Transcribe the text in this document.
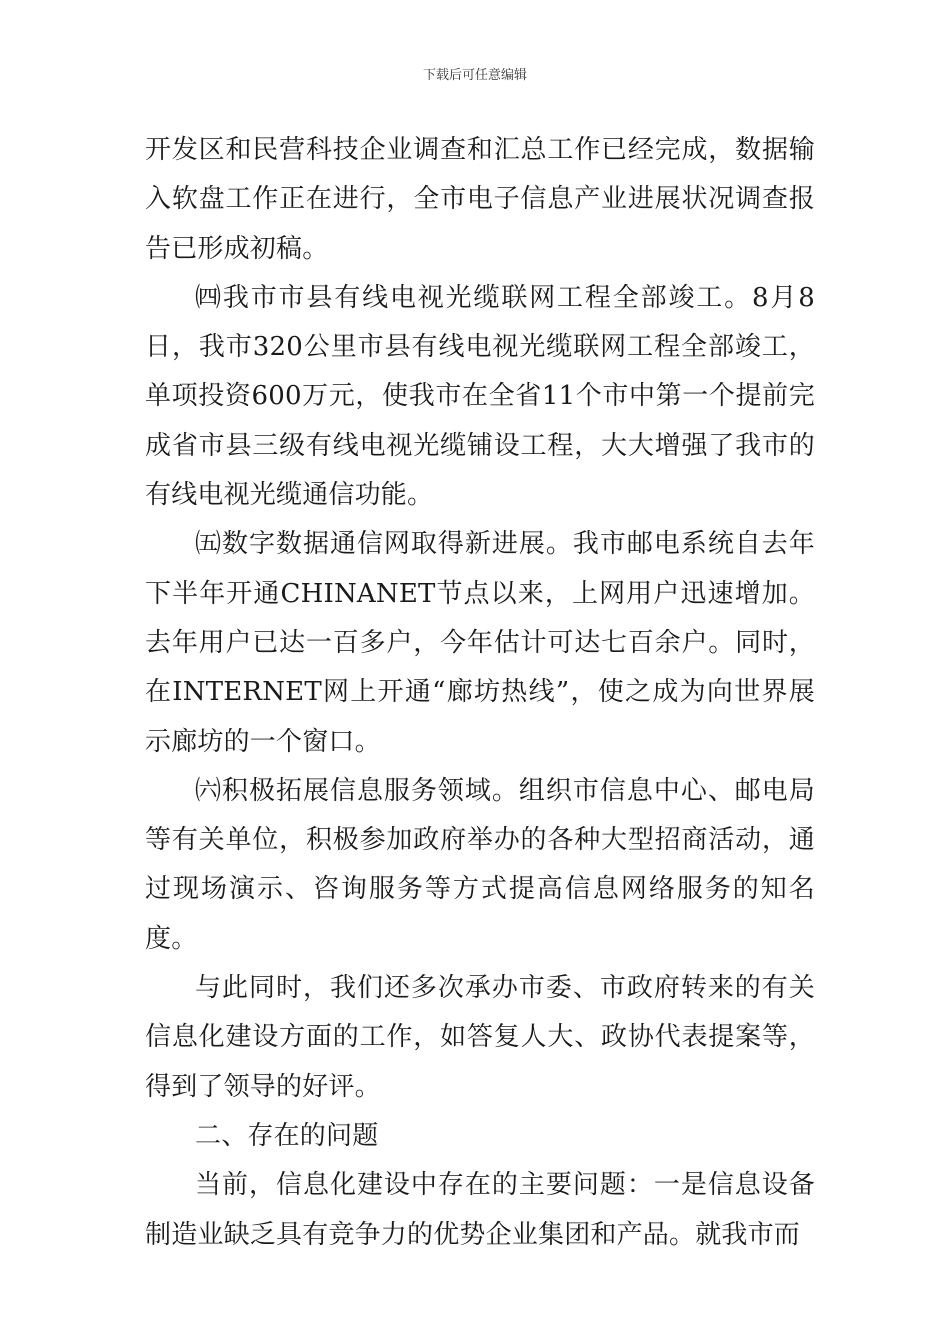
下载后可任意编辑

开发区和民营科技企业调查和汇总工作已经完成，数据输入软盘工作正在进行，全市电子信息产业进展状况调查报告已形成初稿。

㈣我市市县有线电视光缆联网工程全部竣工。8月8日，我市320公里市县有线电视光缆联网工程全部竣工，单项投资600万元，使我市在全省11个市中第一个提前完成省市县三级有线电视光缆铺设工程，大大增强了我市的有线电视光缆通信功能。

㈤数字数据通信网取得新进展。我市邮电系统自去年下半年开通CHINANET节点以来，上网用户迅速增加。去年用户已达一百多户，今年估计可达七百余户。同时，在INTERNET网上开通“廊坊热线”，使之成为向世界展示廊坊的一个窗口。

㈥积极拓展信息服务领域。组织市信息中心、邮电局等有关单位，积极参加政府举办的各种大型招商活动，通过现场演示、咨询服务等方式提高信息网络服务的知名度。

与此同时，我们还多次承办市委、市政府转来的有关信息化建设方面的工作，如答复人大、政协代表提案等，得到了领导的好评。

二、存在的问题

当前，信息化建设中存在的主要问题：一是信息设备制造业缺乏具有竞争力的优势企业集团和产品。就我市而
